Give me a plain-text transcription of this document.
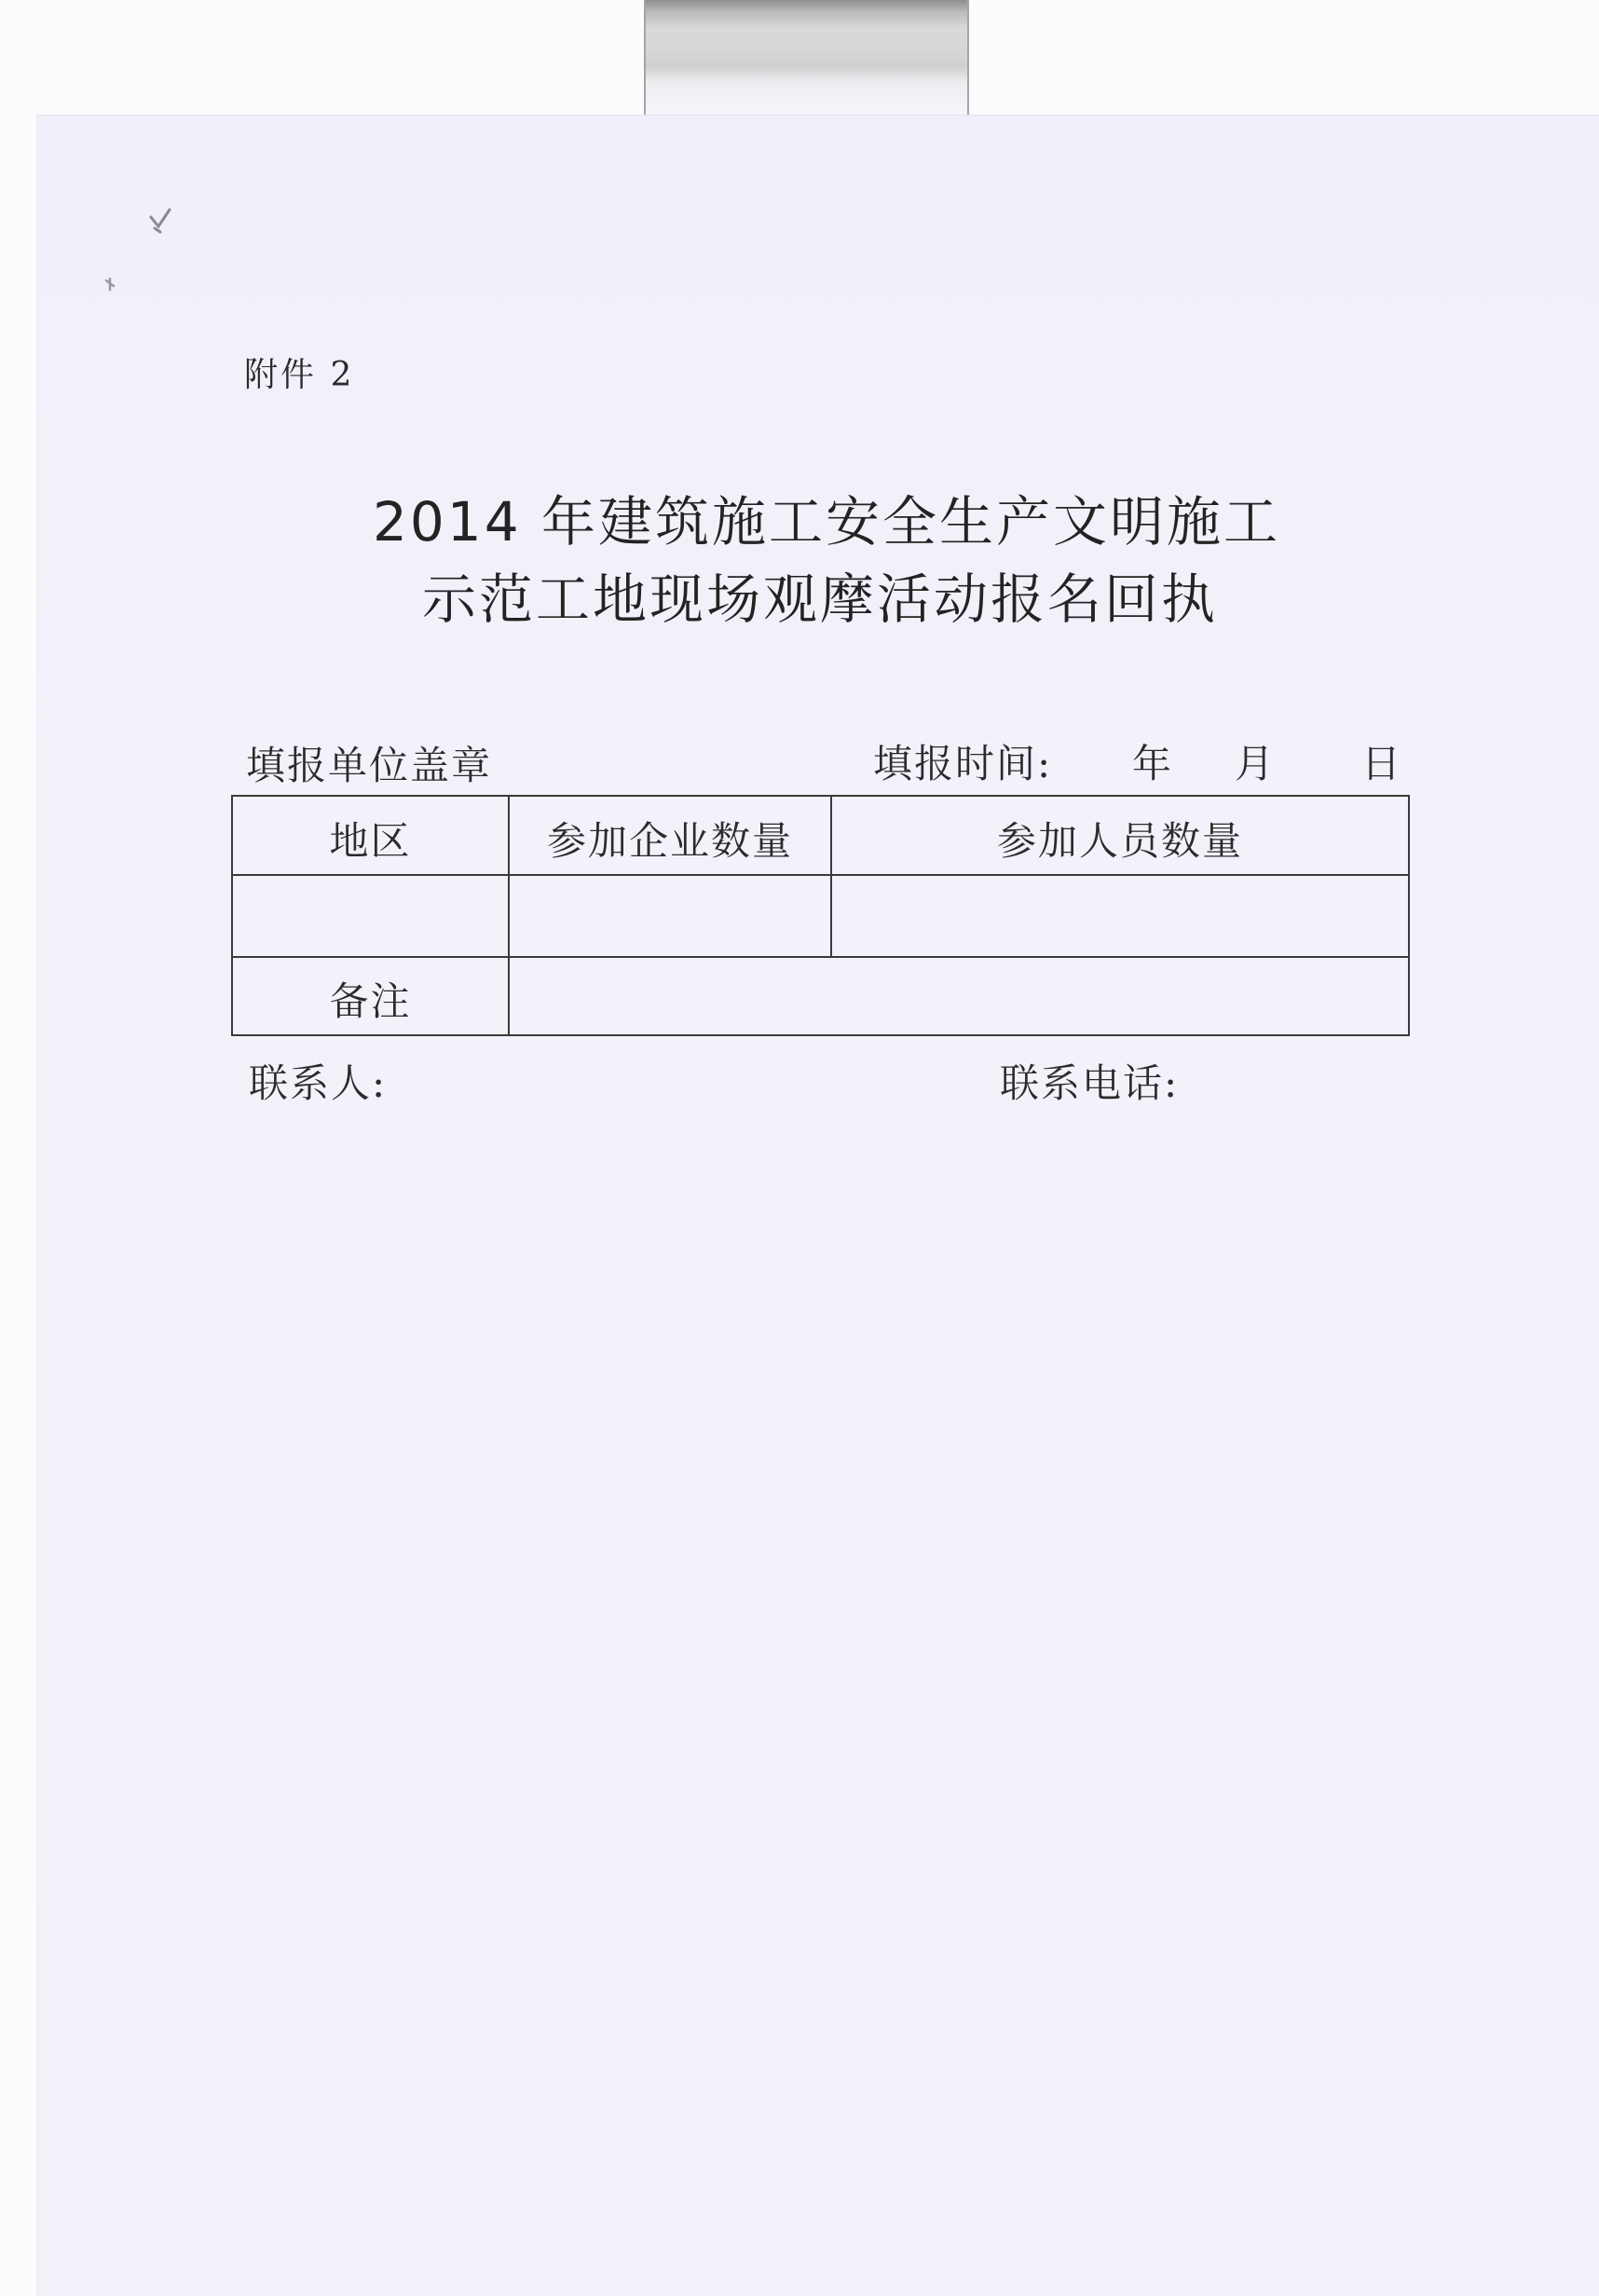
附件 2
2014 年建筑施工安全生产文明施工
示范工地现场观摩活动报名回执
填报单位盖章	填报时间: 年 月 日
地区	参加企业数量	参加人员数量
备注
联系人:	联系电话:
